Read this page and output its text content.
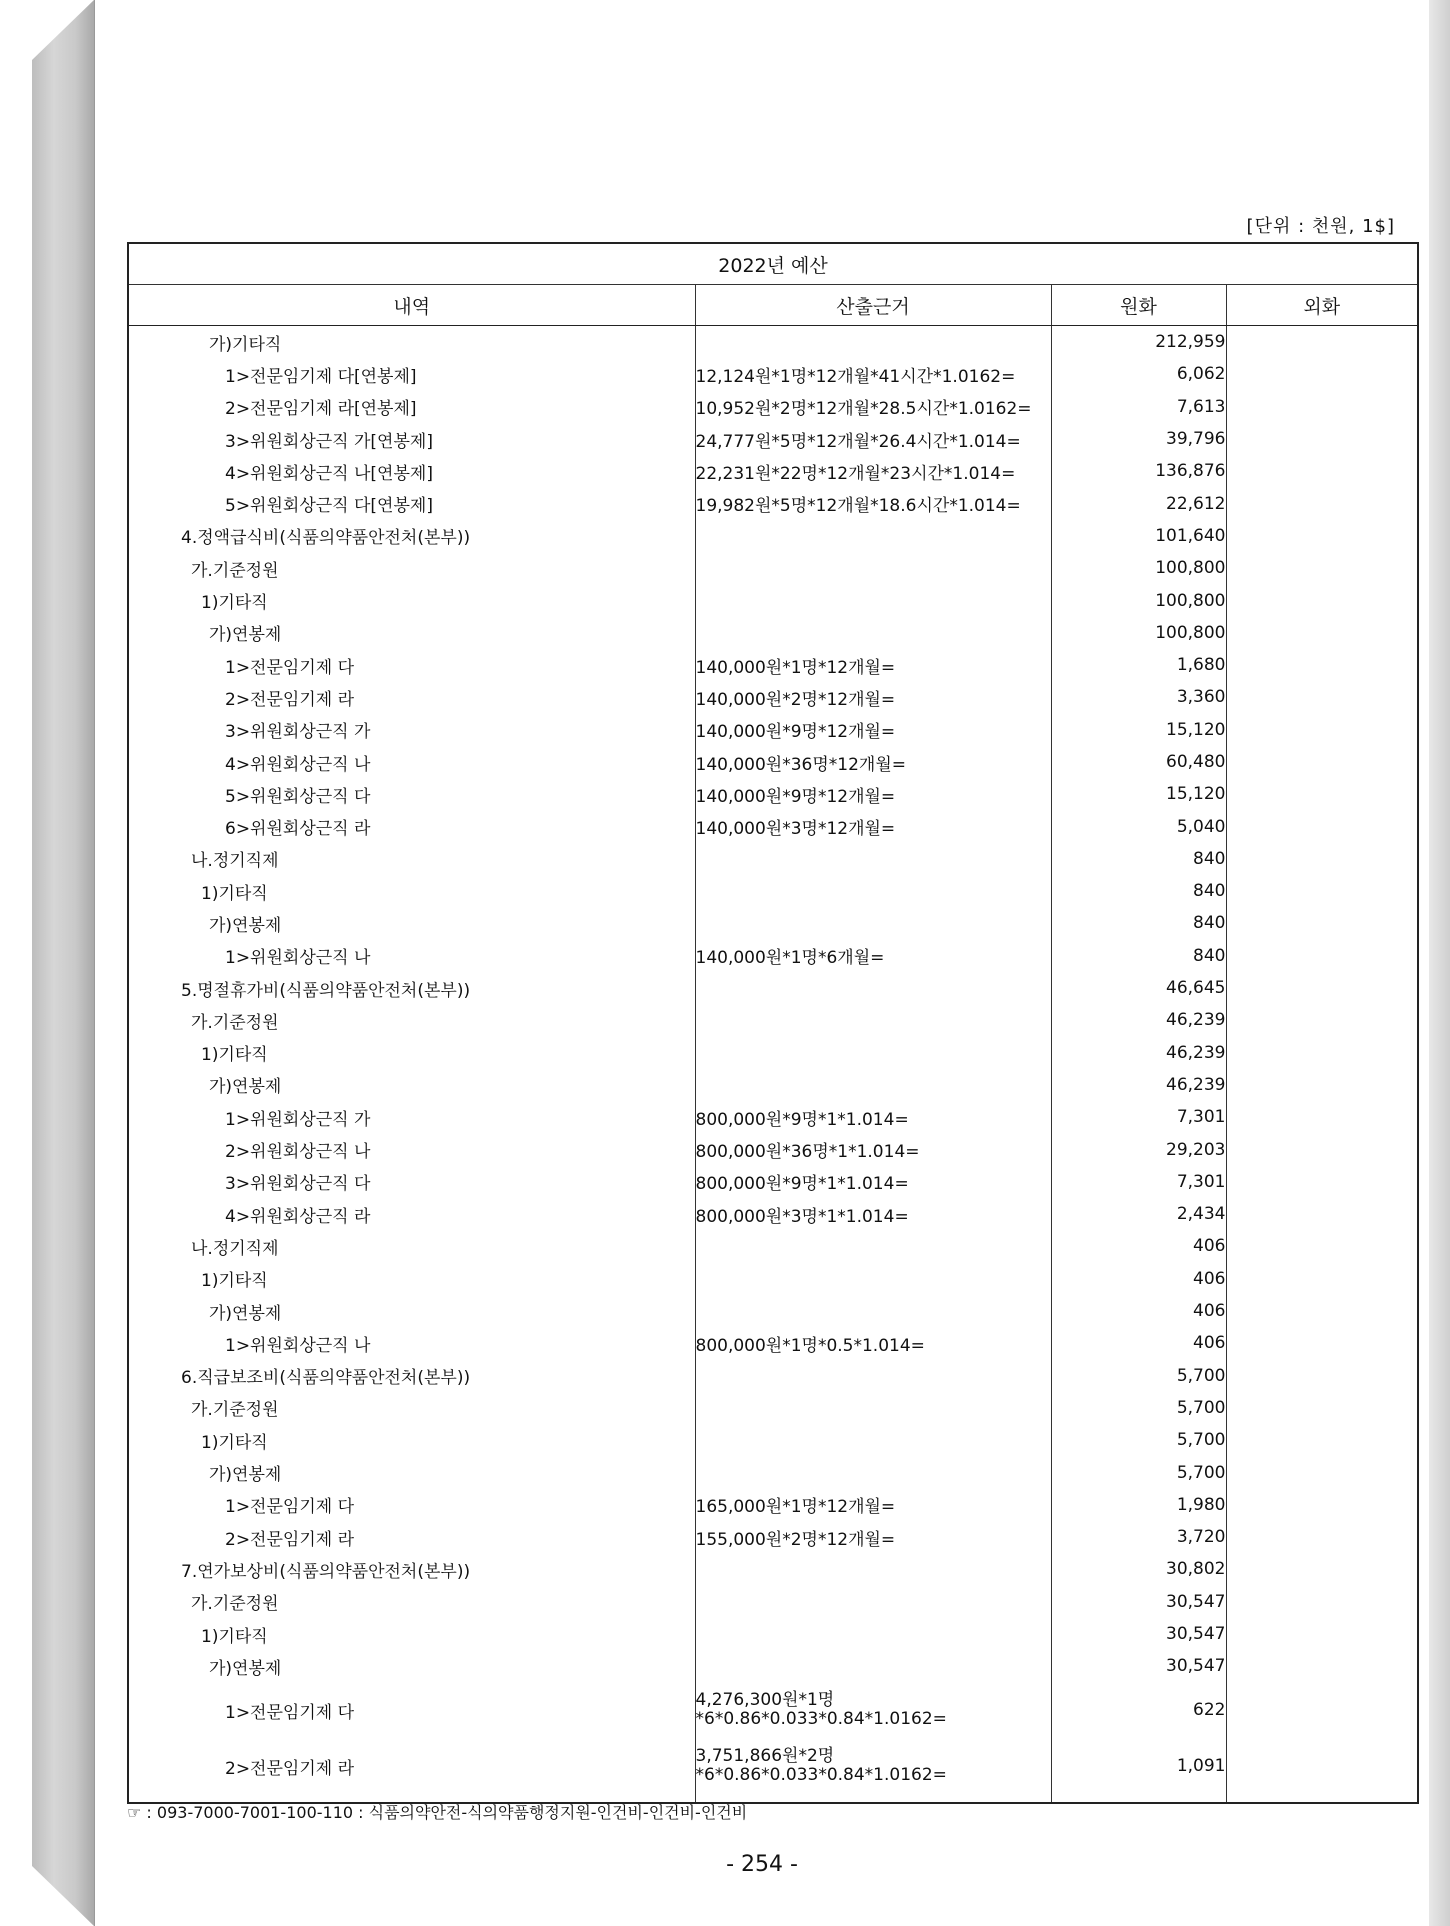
[단위 : 천원, 1$]
2022년 예산			
내역	산출근거	원화	외화
가)기타직		212,959	
1>전문임기제 다[연봉제]	12,124원*1명*12개월*41시간*1.0162=	6,062	
2>전문임기제 라[연봉제]	10,952원*2명*12개월*28.5시간*1.0162=	7,613	
3>위원회상근직 가[연봉제]	24,777원*5명*12개월*26.4시간*1.014=	39,796	
4>위원회상근직 나[연봉제]	22,231원*22명*12개월*23시간*1.014=	136,876	
5>위원회상근직 다[연봉제]	19,982원*5명*12개월*18.6시간*1.014=	22,612	
4.정액급식비(식품의약품안전처(본부))		101,640	
가.기준정원		100,800	
1)기타직		100,800	
가)연봉제		100,800	
1>전문임기제 다	140,000원*1명*12개월=	1,680	
2>전문임기제 라	140,000원*2명*12개월=	3,360	
3>위원회상근직 가	140,000원*9명*12개월=	15,120	
4>위원회상근직 나	140,000원*36명*12개월=	60,480	
5>위원회상근직 다	140,000원*9명*12개월=	15,120	
6>위원회상근직 라	140,000원*3명*12개월=	5,040	
나.정기직제		840	
1)기타직		840	
가)연봉제		840	
1>위원회상근직 나	140,000원*1명*6개월=	840	
5.명절휴가비(식품의약품안전처(본부))		46,645	
가.기준정원		46,239	
1)기타직		46,239	
가)연봉제		46,239	
1>위원회상근직 가	800,000원*9명*1*1.014=	7,301	
2>위원회상근직 나	800,000원*36명*1*1.014=	29,203	
3>위원회상근직 다	800,000원*9명*1*1.014=	7,301	
4>위원회상근직 라	800,000원*3명*1*1.014=	2,434	
나.정기직제		406	
1)기타직		406	
가)연봉제		406	
1>위원회상근직 나	800,000원*1명*0.5*1.014=	406	
6.직급보조비(식품의약품안전처(본부))		5,700	
가.기준정원		5,700	
1)기타직		5,700	
가)연봉제		5,700	
1>전문임기제 다	165,000원*1명*12개월=	1,980	
2>전문임기제 라	155,000원*2명*12개월=	3,720	
7.연가보상비(식품의약품안전처(본부))		30,802	
가.기준정원		30,547	
1)기타직		30,547	
가)연봉제		30,547	
1>전문임기제 다	4,276,300원*1명*6*0.86*0.033*0.84*1.0162=	622	
2>전문임기제 라	3,751,866원*2명*6*0.86*0.033*0.84*1.0162=	1,091	
☞ : 093-7000-7001-100-110 : 식품의약안전-식의약품행정지원-인건비-인건비-인건비
- 254 -
